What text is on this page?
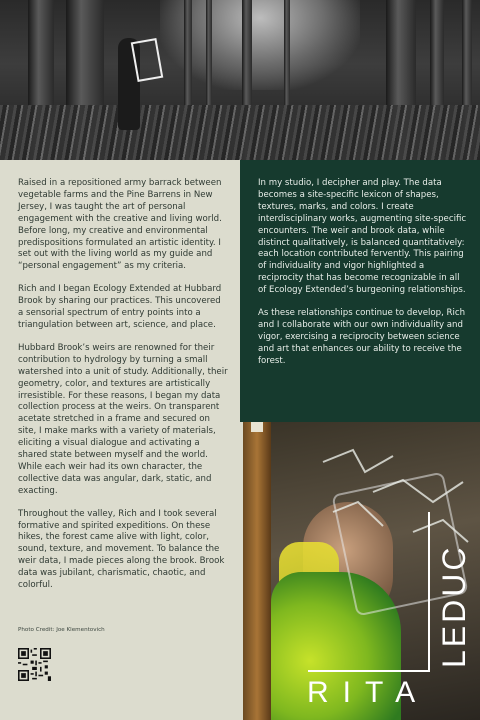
Raised in a repositioned army barrack between vegetable farms and the Pine Barrens in New Jersey, I was taught the art of personal engagement with the creative and living world. Before long, my creative and environmental predispositions formulated an artistic identity. I set out with the living world as my guide and “personal engagement” as my criteria.

Rich and I began Ecology Extended at Hubbard Brook by sharing our practices. This uncovered a sensorial spectrum of entry points into a triangulation between art, science, and place.

Hubbard Brook’s weirs are renowned for their contribution to hydrology by turning a small watershed into a unit of study. Additionally, their geometry, color, and textures are artistically irresistible. For these reasons, I began my data collection process at the weirs. On transparent acetate stretched in a frame and secured on site, I make marks with a variety of materials, eliciting a visual dialogue and activating a shared state between myself and the world. While each weir had its own character, the collective data was angular, dark, static, and exacting.

Throughout the valley, Rich and I took several formative and spirited expeditions. On these hikes, the forest came alive with light, color, sound, texture, and movement. To balance the weir data, I made pieces along the brook. Brook data was jubilant, charismatic, chaotic, and colorful.

Photo Credit: Joe Klementovich

In my studio, I decipher and play. The data becomes a site-specific lexicon of shapes, textures, marks, and colors. I create interdisciplinary works, augmenting site-specific encounters. The weir and brook data, while distinct qualitatively, is balanced quantitatively: each location contributed fervently. This pairing of individuality and vigor highlighted a reciprocity that has become recognizable in all of Ecology Extended’s burgeoning relationships.

As these relationships continue to develop, Rich and I collaborate with our own individuality and vigor, exercising a reciprocity between science and art that enhances our ability to receive the forest.

RITA
LEDUC
